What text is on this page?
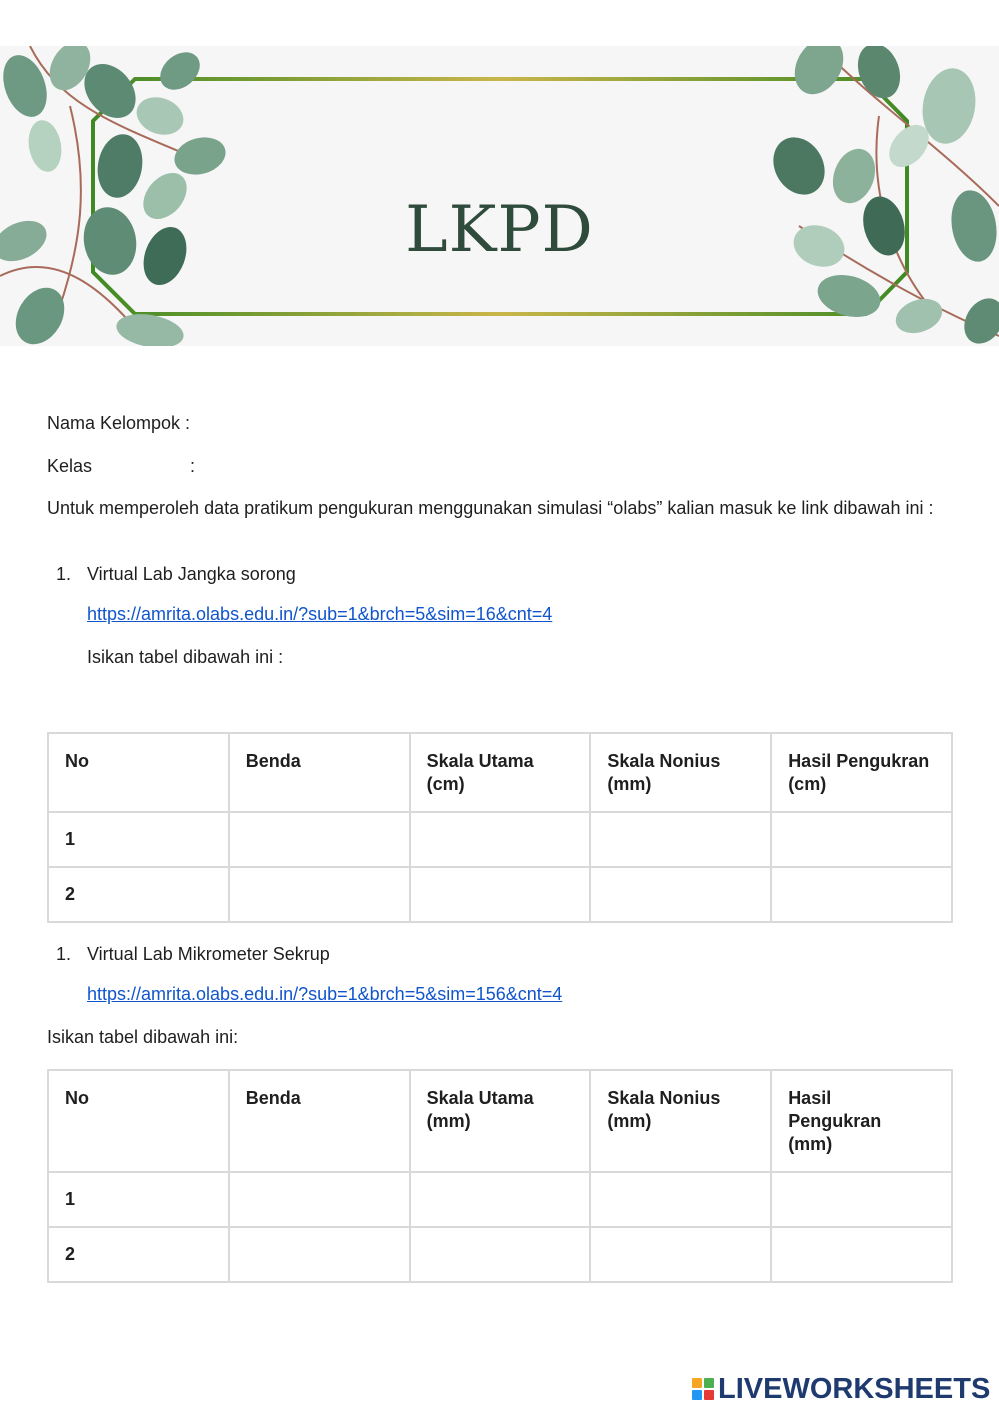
LKPD
Nama Kelompok :
Kelas	:
Untuk memperoleh data pratikum pengukuran menggunakan simulasi “olabs” kalian masuk ke link dibawah ini :
1. Virtual Lab Jangka sorong
https://amrita.olabs.edu.in/?sub=1&brch=5&sim=16&cnt=4
Isikan tabel dibawah ini :
No	Benda	Skala Utama (cm)	Skala Nonius (mm)	Hasil Pengukran (cm)
1				
2				
1. Virtual Lab Mikrometer Sekrup
https://amrita.olabs.edu.in/?sub=1&brch=5&sim=156&cnt=4
Isikan tabel dibawah ini:
No	Benda	Skala Utama (mm)	Skala Nonius (mm)	Hasil Pengukran (mm)
1				
2				
LIVEWORKSHEETS
